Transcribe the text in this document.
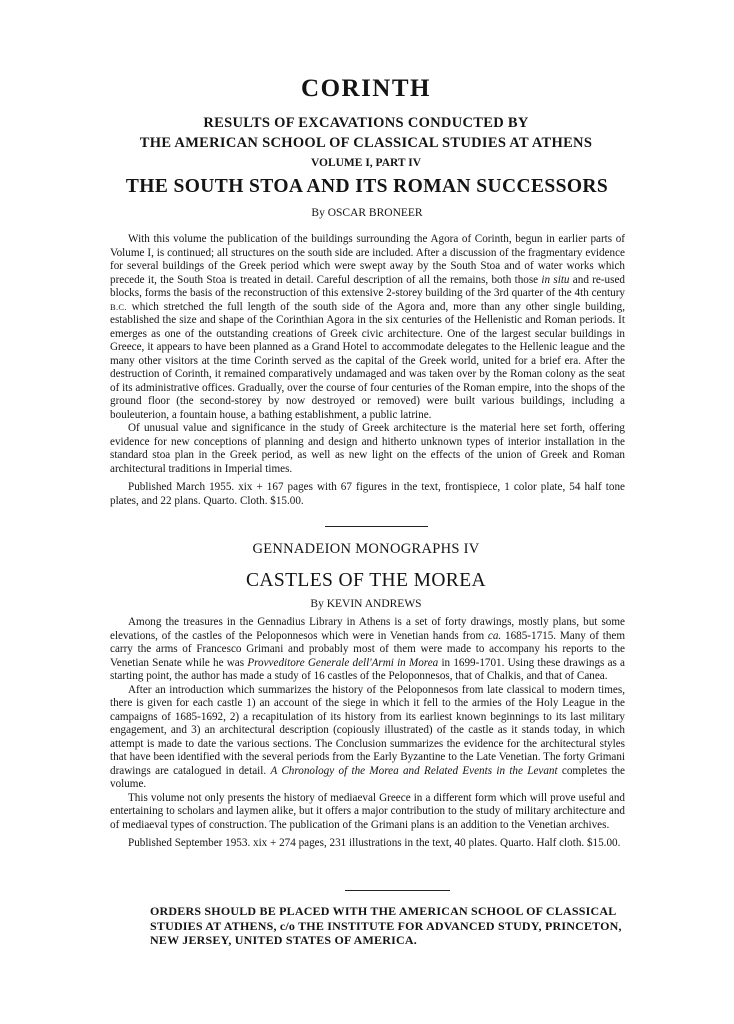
CORINTH

RESULTS OF EXCAVATIONS CONDUCTED BY

THE AMERICAN SCHOOL OF CLASSICAL STUDIES AT ATHENS

VOLUME I, PART IV

THE SOUTH STOA AND ITS ROMAN SUCCESSORS

By OSCAR BRONEER

With this volume the publication of the buildings surrounding the Agora of Corinth, begun in earlier parts of Volume I, is continued; all structures on the south side are included. After a discussion of the fragmentary evidence for several buildings of the Greek period which were swept away by the South Stoa and of water works which precede it, the South Stoa is treated in detail. Careful description of all the remains, both those in situ and re-used blocks, forms the basis of the reconstruction of this extensive 2-storey building of the 3rd quarter of the 4th century B.C. which stretched the full length of the south side of the Agora and, more than any other single building, established the size and shape of the Corinthian Agora in the six centuries of the Hellenistic and Roman periods. It emerges as one of the outstanding creations of Greek civic architecture. One of the largest secular buildings in Greece, it appears to have been planned as a Grand Hotel to accommodate delegates to the Hellenic league and the many other visitors at the time Corinth served as the capital of the Greek world, united for a brief era. After the destruction of Corinth, it remained comparatively undamaged and was taken over by the Roman colony as the seat of its administrative offices. Gradually, over the course of four centuries of the Roman empire, into the shops of the ground floor (the second-storey by now destroyed or removed) were built various buildings, including a bouleuterion, a fountain house, a bathing establishment, a public latrine.

Of unusual value and significance in the study of Greek architecture is the material here set forth, offering evidence for new conceptions of planning and design and hitherto unknown types of interior installation in the standard stoa plan in the Greek period, as well as new light on the effects of the union of Greek and Roman architectural traditions in Imperial times.

Published March 1955. xix + 167 pages with 67 figures in the text, frontispiece, 1 color plate, 54 half tone plates, and 22 plans. Quarto. Cloth. $15.00.

GENNADEION MONOGRAPHS IV

CASTLES OF THE MOREA

By KEVIN ANDREWS

Among the treasures in the Gennadius Library in Athens is a set of forty drawings, mostly plans, but some elevations, of the castles of the Peloponnesos which were in Venetian hands from ca. 1685-1715. Many of them carry the arms of Francesco Grimani and probably most of them were made to accompany his reports to the Venetian Senate while he was Provveditore Generale dell'Armi in Morea in 1699-1701. Using these drawings as a starting point, the author has made a study of 16 castles of the Peloponnesos, that of Chalkis, and that of Canea.

After an introduction which summarizes the history of the Peloponnesos from late classical to modern times, there is given for each castle 1) an account of the siege in which it fell to the armies of the Holy League in the campaigns of 1685-1692, 2) a recapitulation of its history from its earliest known beginnings to its last military engagement, and 3) an architectural description (copiously illustrated) of the castle as it stands today, in which attempt is made to date the various sections. The Conclusion summarizes the evidence for the architectural styles that have been identified with the several periods from the Early Byzantine to the Late Venetian. The forty Grimani drawings are catalogued in detail. A Chronology of the Morea and Related Events in the Levant completes the volume.

This volume not only presents the history of mediaeval Greece in a different form which will prove useful and entertaining to scholars and laymen alike, but it offers a major contribution to the study of military architecture and of mediaeval types of construction. The publication of the Grimani plans is an addition to the Venetian archives.

Published September 1953. xix + 274 pages, 231 illustrations in the text, 40 plates. Quarto. Half cloth. $15.00.

ORDERS SHOULD BE PLACED WITH THE AMERICAN SCHOOL OF CLASSICAL STUDIES AT ATHENS, c/o THE INSTITUTE FOR ADVANCED STUDY, PRINCETON, NEW JERSEY, UNITED STATES OF AMERICA.
